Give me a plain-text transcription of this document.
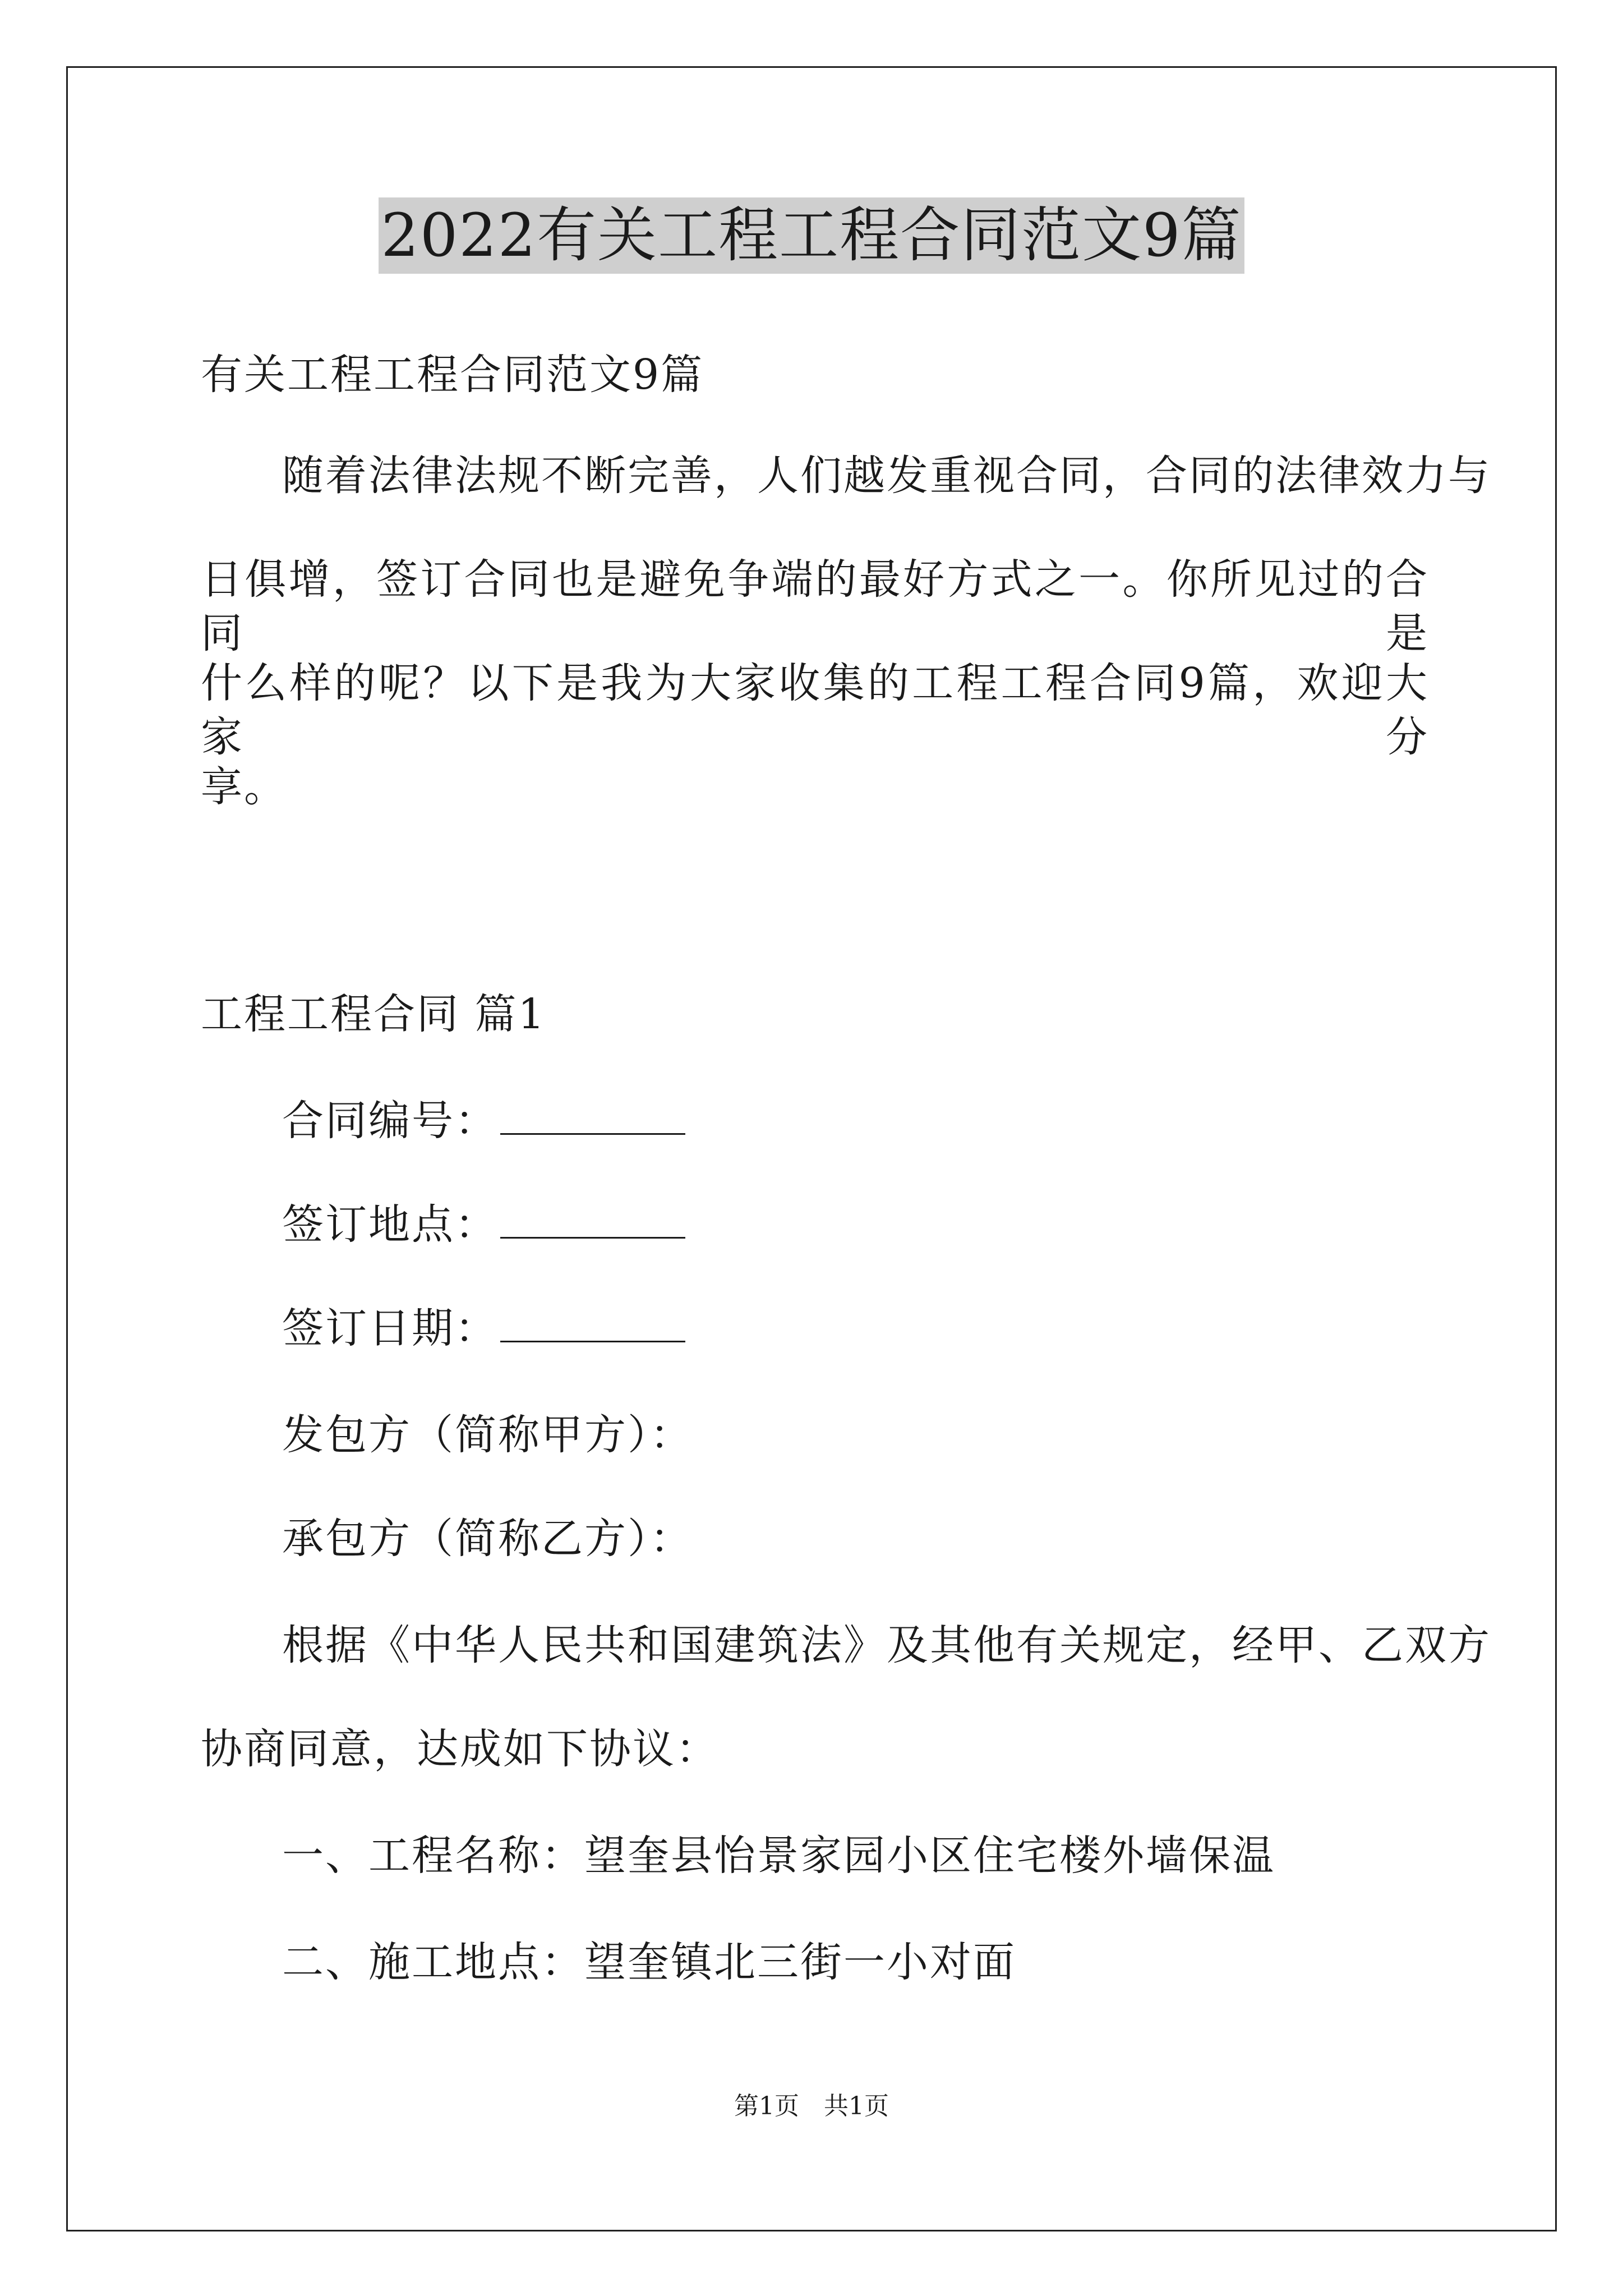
2022有关工程工程合同范文9篇
有关工程工程合同范文9篇
随着法律法规不断完善，人们越发重视合同，合同的法律效力与
日俱增，签订合同也是避免争端的最好方式之一。你所见过的合同是
什么样的呢？以下是我为大家收集的工程工程合同9篇，欢迎大家分
享。
工程工程合同 篇1
合同编号：
签订地点：
签订日期：
发包方（简称甲方）：
承包方（简称乙方）：
根据《中华人民共和国建筑法》及其他有关规定，经甲、乙双方
协商同意，达成如下协议：
一、工程名称：望奎县怡景家园小区住宅楼外墙保温
二、施工地点：望奎镇北三街一小对面
第1页　共1页
